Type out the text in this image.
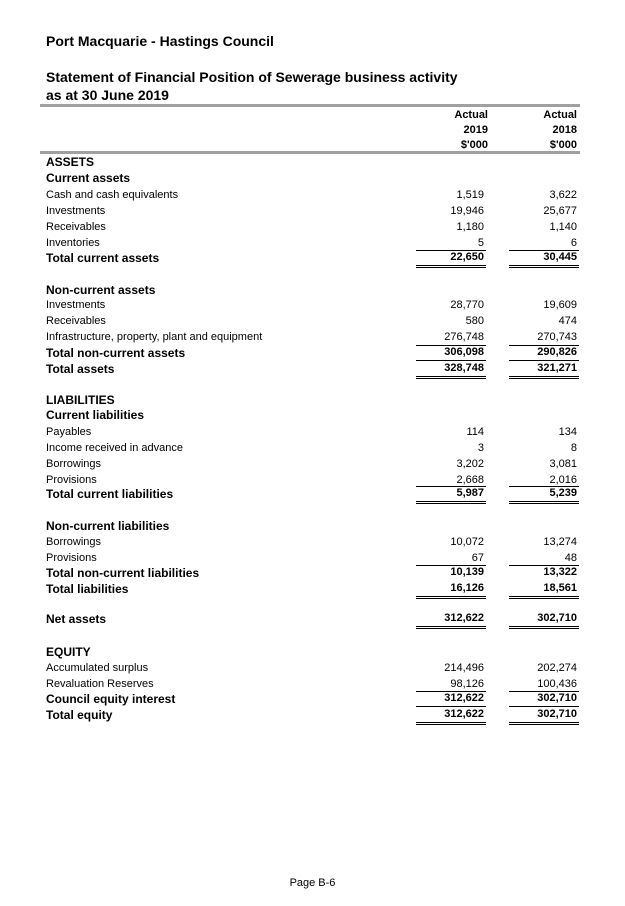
Port Macquarie - Hastings Council
Statement of Financial Position of Sewerage business activity
as at 30 June 2019
Actual	Actual
2019	2018
$'000	$'000
ASSETS
Current assets
Cash and cash equivalents	1,519	3,622
Investments	19,946	25,677
Receivables	1,180	1,140
Inventories	5	6
Total current assets	22,650	30,445
Non-current assets
Investments	28,770	19,609
Receivables	580	474
Infrastructure, property, plant and equipment	276,748	270,743
Total non-current assets	306,098	290,826
Total assets	328,748	321,271
LIABILITIES
Current liabilities
Payables	114	134
Income received in advance	3	8
Borrowings	3,202	3,081
Provisions	2,668	2,016
Total current liabilities	5,987	5,239
Non-current liabilities
Borrowings	10,072	13,274
Provisions	67	48
Total non-current liabilities	10,139	13,322
Total liabilities	16,126	18,561
Net assets	312,622	302,710
EQUITY
Accumulated surplus	214,496	202,274
Revaluation Reserves	98,126	100,436
Council equity interest	312,622	302,710
Total equity	312,622	302,710
Page B-6
